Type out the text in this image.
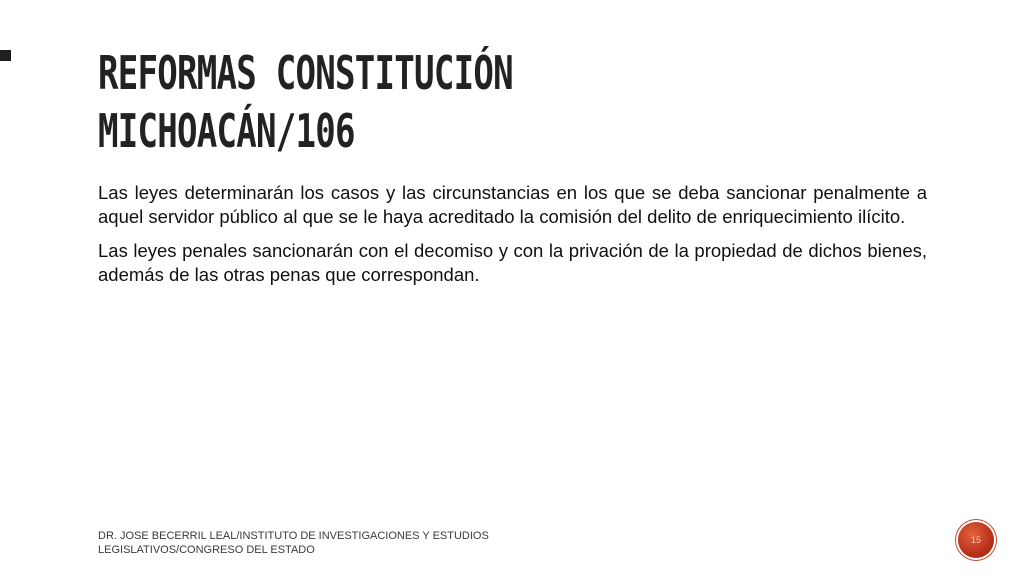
REFORMAS CONSTITUCIÓN
MICHOACÁN/106

Las leyes determinarán los casos y las circunstancias en los que se deba sancionar penalmente a aquel servidor público al que se le haya acreditado la comisión del delito de enriquecimiento ilícito.

Las leyes penales sancionarán con el decomiso y con la privación de la propiedad de dichos bienes, además de las otras penas que correspondan.

DR. JOSE BECERRIL LEAL/INSTITUTO DE INVESTIGACIONES Y ESTUDIOS LEGISLATIVOS/CONGRESO DEL ESTADO
15
